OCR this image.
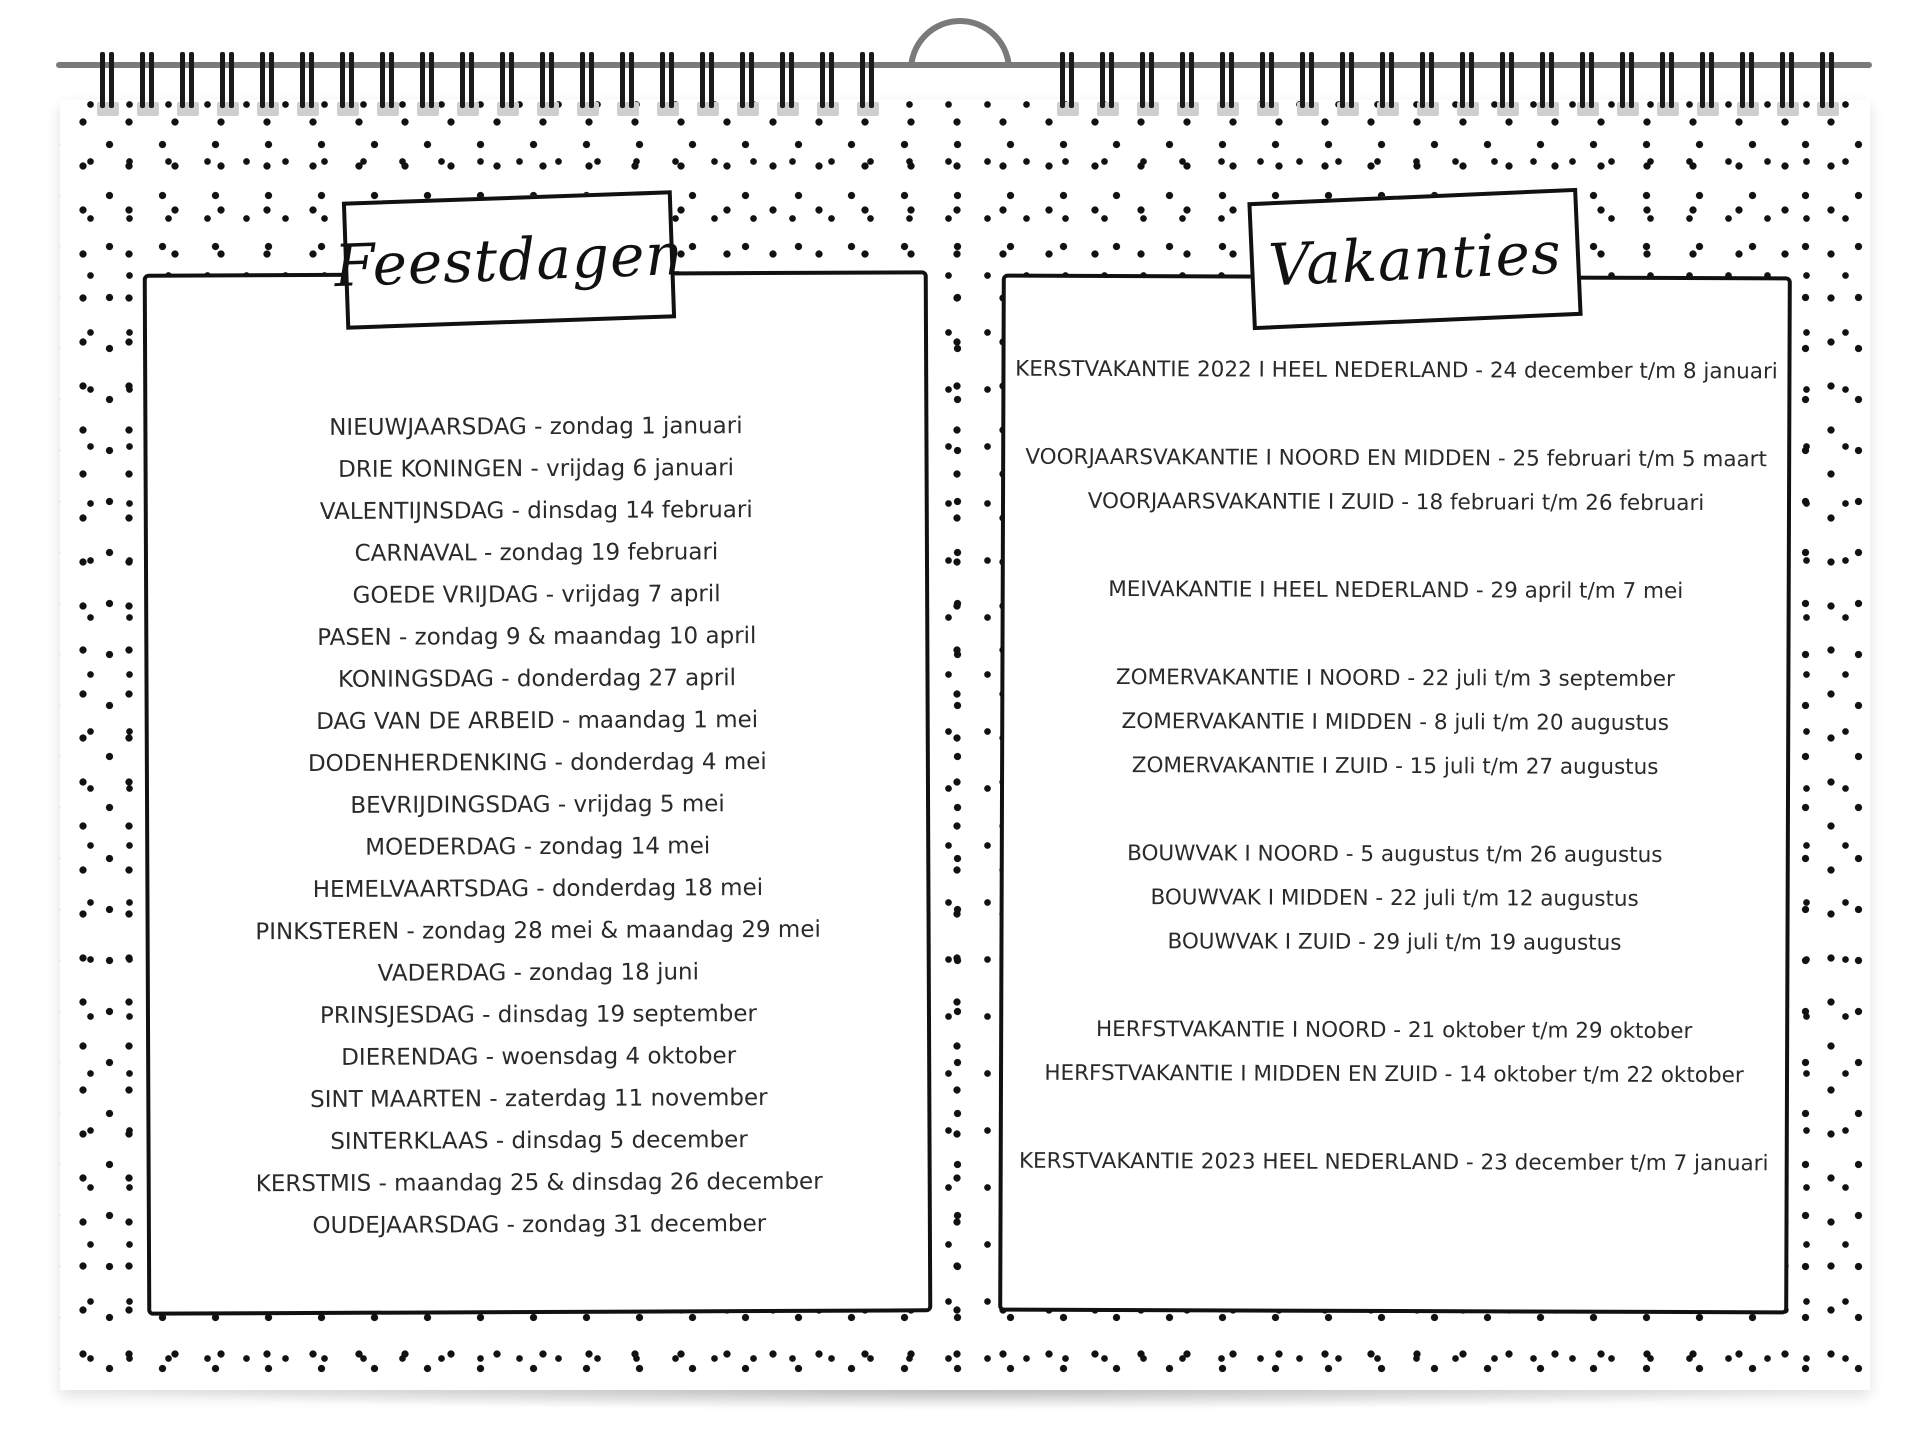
NIEUWJAARSDAG - zondag 1 januari
DRIE KONINGEN - vrijdag 6 januari
VALENTIJNSDAG - dinsdag 14 februari
CARNAVAL - zondag 19 februari
GOEDE VRIJDAG - vrijdag 7 april
PASEN - zondag 9 & maandag 10 april
KONINGSDAG - donderdag 27 april
DAG VAN DE ARBEID - maandag 1 mei
DODENHERDENKING - donderdag 4 mei
BEVRIJDINGSDAG - vrijdag 5 mei
MOEDERDAG - zondag 14 mei
HEMELVAARTSDAG - donderdag 18 mei
PINKSTEREN - zondag 28 mei & maandag 29 mei
VADERDAG - zondag 18 juni
PRINSJESDAG - dinsdag 19 september
DIERENDAG - woensdag 4 oktober
SINT MAARTEN - zaterdag 11 november
SINTERKLAAS - dinsdag 5 december
KERSTMIS - maandag 25 & dinsdag 26 december
OUDEJAARSDAG - zondag 31 december
Feestdagen
KERSTVAKANTIE 2022 I HEEL NEDERLAND - 24 december t/m 8 januari
VOORJAARSVAKANTIE I NOORD EN MIDDEN - 25 februari t/m 5 maart
VOORJAARSVAKANTIE I ZUID - 18 februari t/m 26 februari
MEIVAKANTIE I HEEL NEDERLAND - 29 april t/m 7 mei
ZOMERVAKANTIE I NOORD - 22 juli t/m 3 september
ZOMERVAKANTIE I MIDDEN - 8 juli t/m 20 augustus
ZOMERVAKANTIE I ZUID - 15 juli t/m 27 augustus
BOUWVAK I NOORD - 5 augustus t/m 26 augustus
BOUWVAK I MIDDEN - 22 juli t/m 12 augustus
BOUWVAK I ZUID - 29 juli t/m 19 augustus
HERFSTVAKANTIE I NOORD - 21 oktober t/m 29 oktober
HERFSTVAKANTIE I MIDDEN EN ZUID - 14 oktober t/m 22 oktober
KERSTVAKANTIE 2023 HEEL NEDERLAND - 23 december t/m 7 januari
Vakanties
